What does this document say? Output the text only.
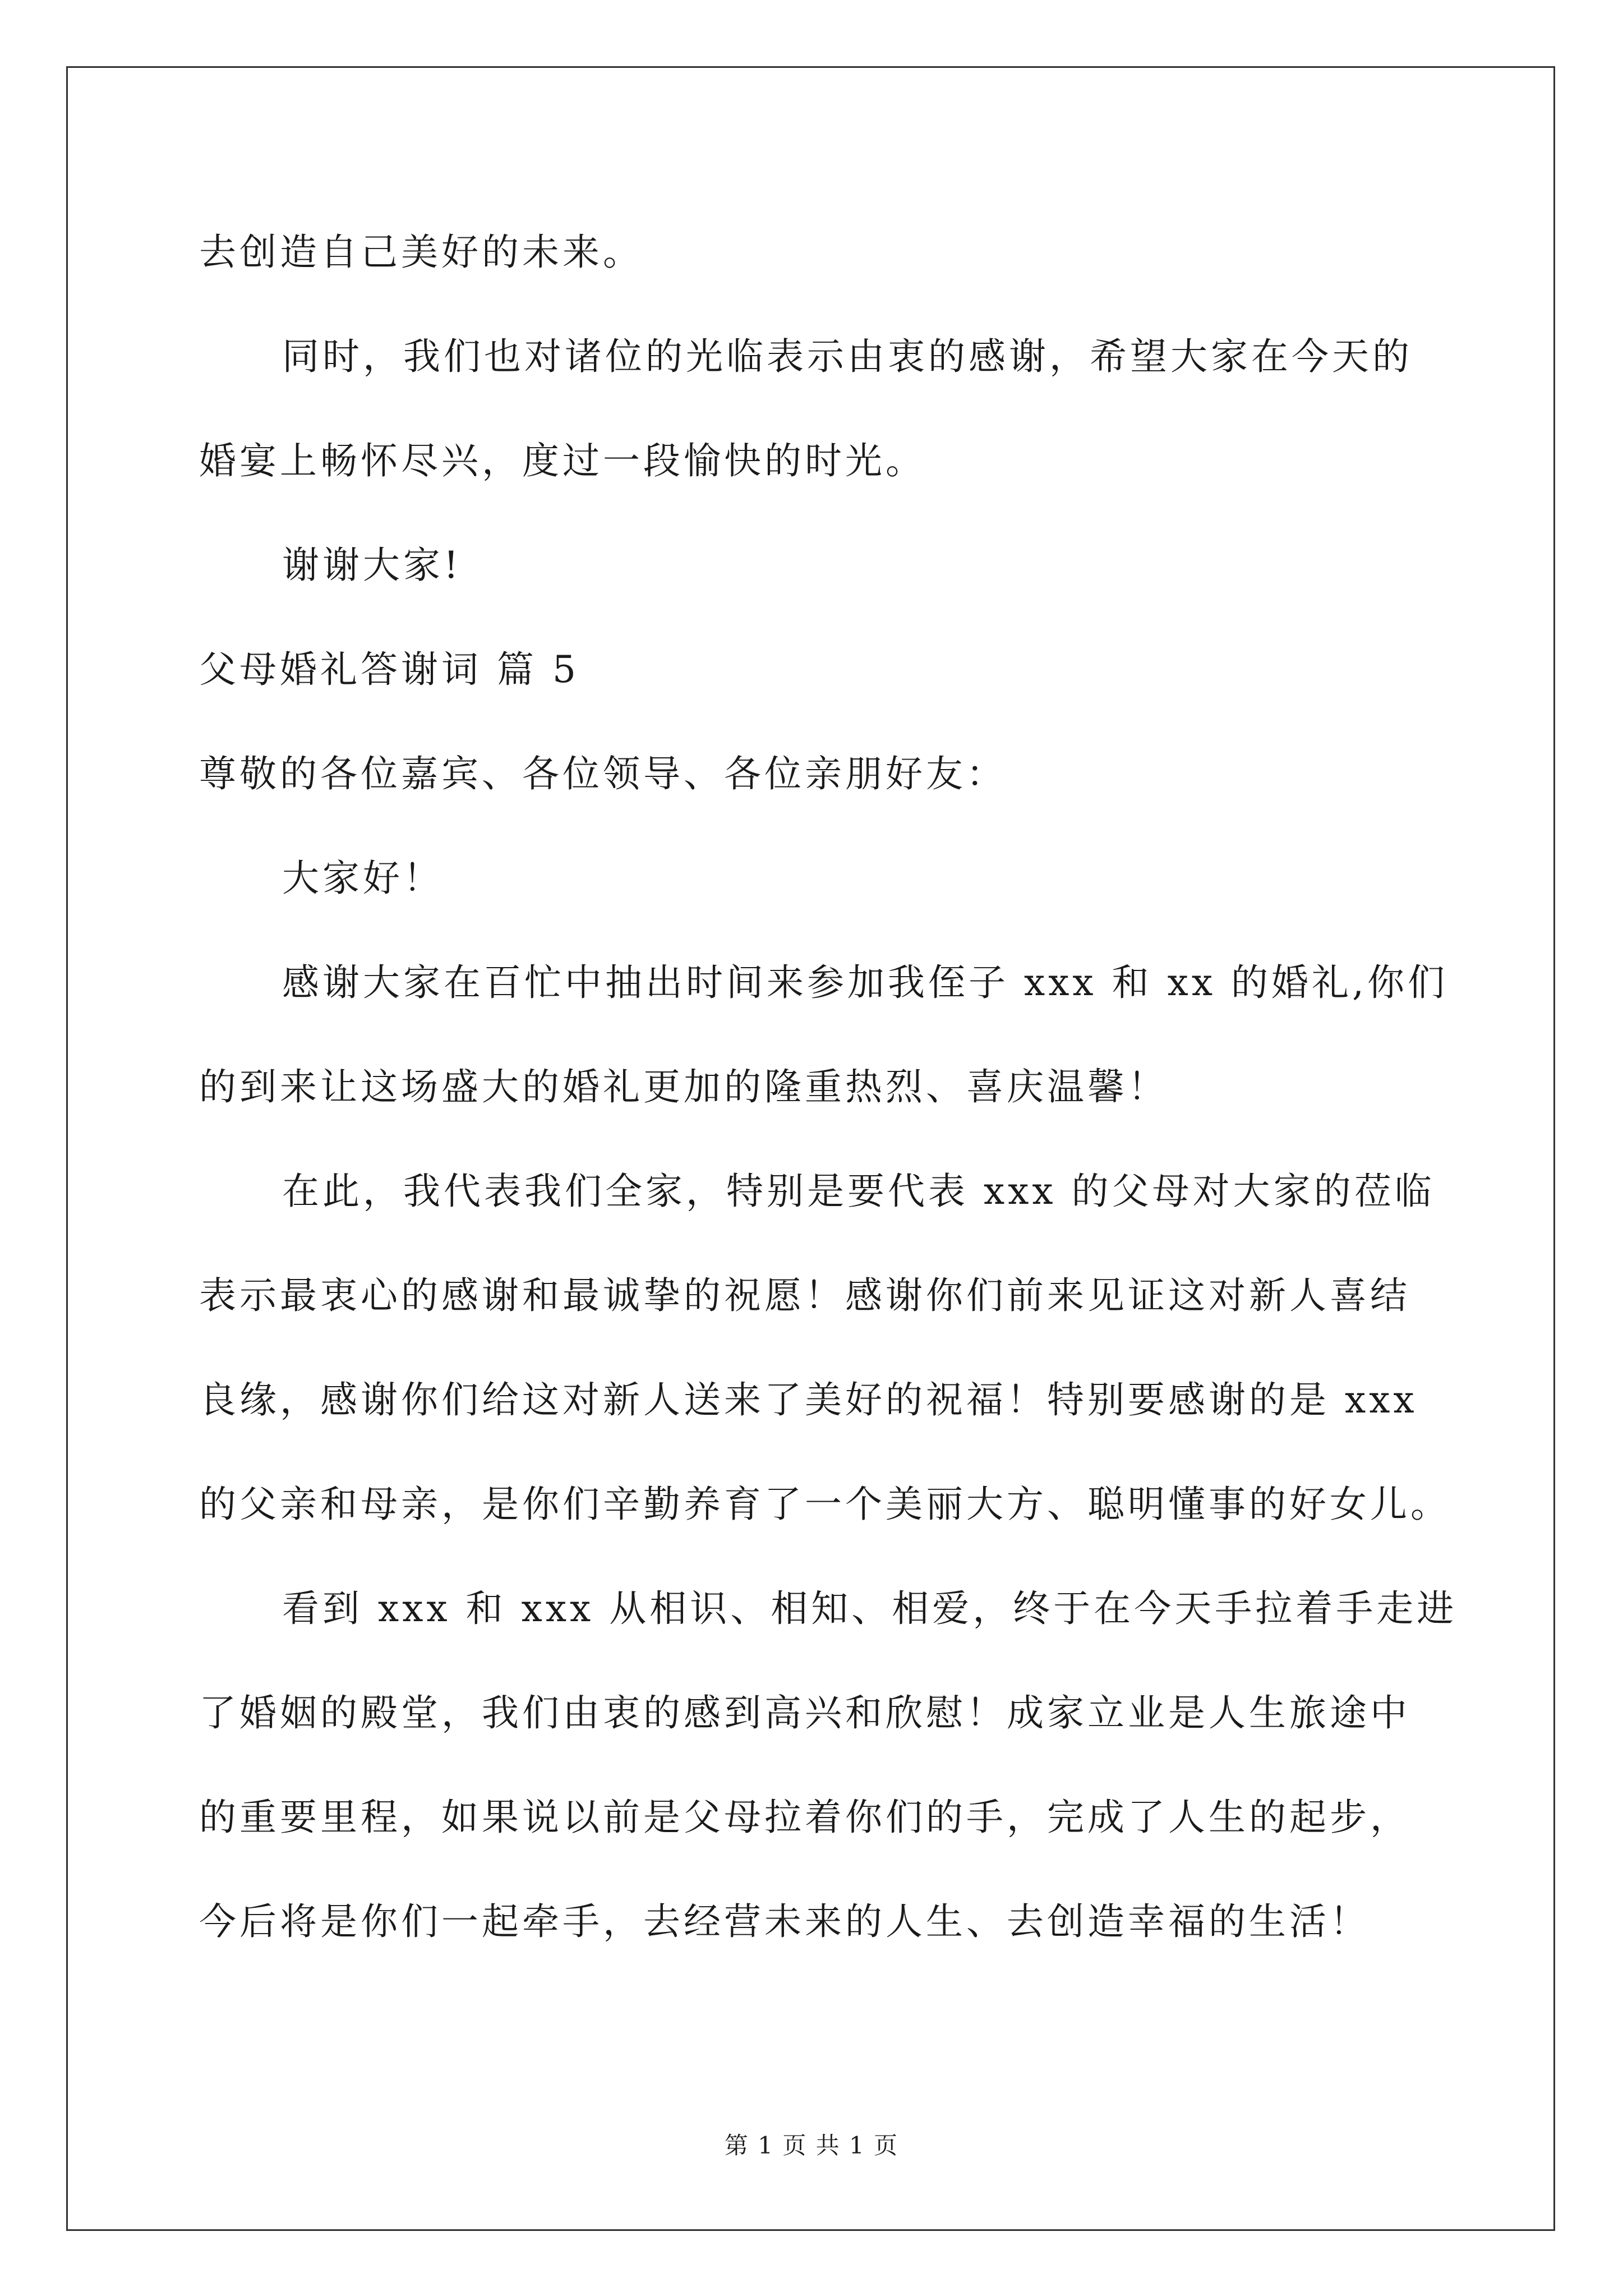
去创造自己美好的未来。
同时，我们也对诸位的光临表示由衷的感谢，希望大家在今天的
婚宴上畅怀尽兴，度过一段愉快的时光。
谢谢大家!
父母婚礼答谢词 篇 5
尊敬的各位嘉宾、各位领导、各位亲朋好友：
大家好！
感谢大家在百忙中抽出时间来参加我侄子 xxx 和 xx 的婚礼,你们
的到来让这场盛大的婚礼更加的隆重热烈、喜庆温馨！
在此，我代表我们全家，特别是要代表 xxx 的父母对大家的莅临
表示最衷心的感谢和最诚挚的祝愿！感谢你们前来见证这对新人喜结
良缘，感谢你们给这对新人送来了美好的祝福！特别要感谢的是 xxx
的父亲和母亲，是你们辛勤养育了一个美丽大方、聪明懂事的好女儿。
看到 xxx 和 xxx 从相识、相知、相爱，终于在今天手拉着手走进
了婚姻的殿堂，我们由衷的感到高兴和欣慰！成家立业是人生旅途中
的重要里程，如果说以前是父母拉着你们的手，完成了人生的起步，
今后将是你们一起牵手，去经营未来的人生、去创造幸福的生活！
第 1 页 共 1 页
